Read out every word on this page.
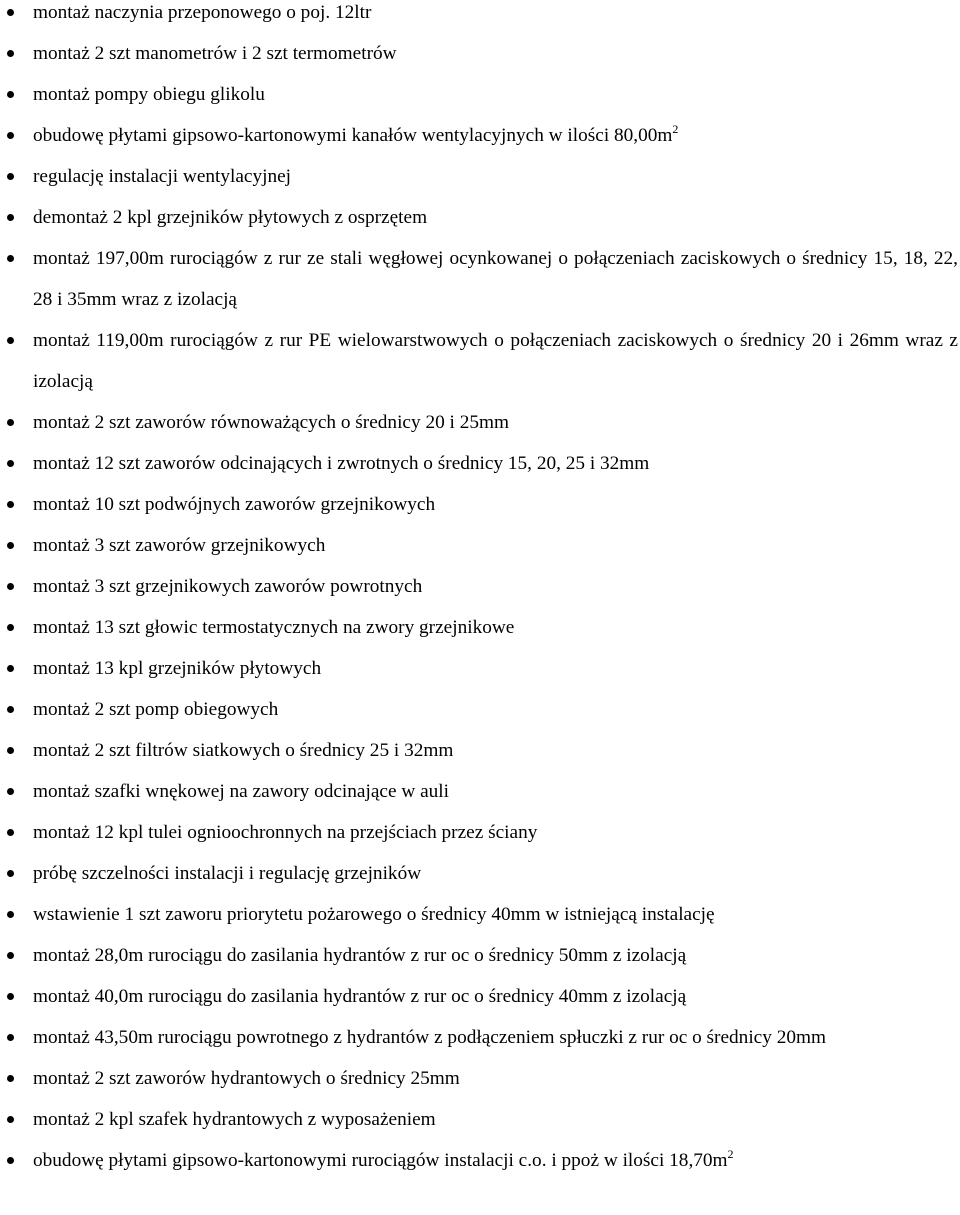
montaż naczynia przeponowego o poj. 12ltr
montaż 2 szt manometrów i 2 szt termometrów
montaż pompy obiegu glikolu
obudowę płytami gipsowo-kartonowymi kanałów wentylacyjnych w ilości $80,00m^2$
regulację instalacji wentylacyjnej
demontaż 2 kpl grzejników płytowych z osprzętem
montaż 197,00m rurociągów z rur ze stali węgłowej ocynkowanej o połączeniach zaciskowych o średnicy 15, 18, 22, 28 i 35mm wraz z izolacją
montaż 119,00m rurociągów z rur PE wielowarstwowych o połączeniach zaciskowych o średnicy 20 i 26mm wraz z izolacją
montaż 2 szt zaworów równoważących o średnicy 20 i 25mm
montaż 12 szt zaworów odcinających i zwrotnych o średnicy 15, 20, 25 i 32mm
montaż 10 szt podwójnych zaworów grzejnikowych
montaż 3 szt zaworów grzejnikowych
montaż 3 szt grzejnikowych zaworów powrotnych
montaż 13 szt głowic termostatycznych na zwory grzejnikowe
montaż 13 kpl grzejników płytowych
montaż 2 szt pomp obiegowych
montaż 2 szt filtrów siatkowych o średnicy 25 i 32mm
montaż szafki wnękowej na zawory odcinające w auli
montaż 12 kpl tulei ognioochronnych na przejściach przez ściany
próbę szczelności instalacji i regulację grzejników
wstawienie 1 szt zaworu priorytetu pożarowego o średnicy 40mm w istniejącą instalację
montaż 28,0m rurociągu do zasilania hydrantów z rur oc o średnicy 50mm z izolacją
montaż 40,0m rurociągu do zasilania hydrantów z rur oc o średnicy 40mm z izolacją
montaż 43,50m rurociągu powrotnego z hydrantów z podłączeniem spłuczki z rur oc o średnicy 20mm
montaż 2 szt zaworów hydrantowych o średnicy 25mm
montaż 2 kpl szafek hydrantowych z wyposażeniem
obudowę płytami gipsowo-kartonowymi rurociągów instalacji c.o. i ppoż w ilości $18,70m^2$
